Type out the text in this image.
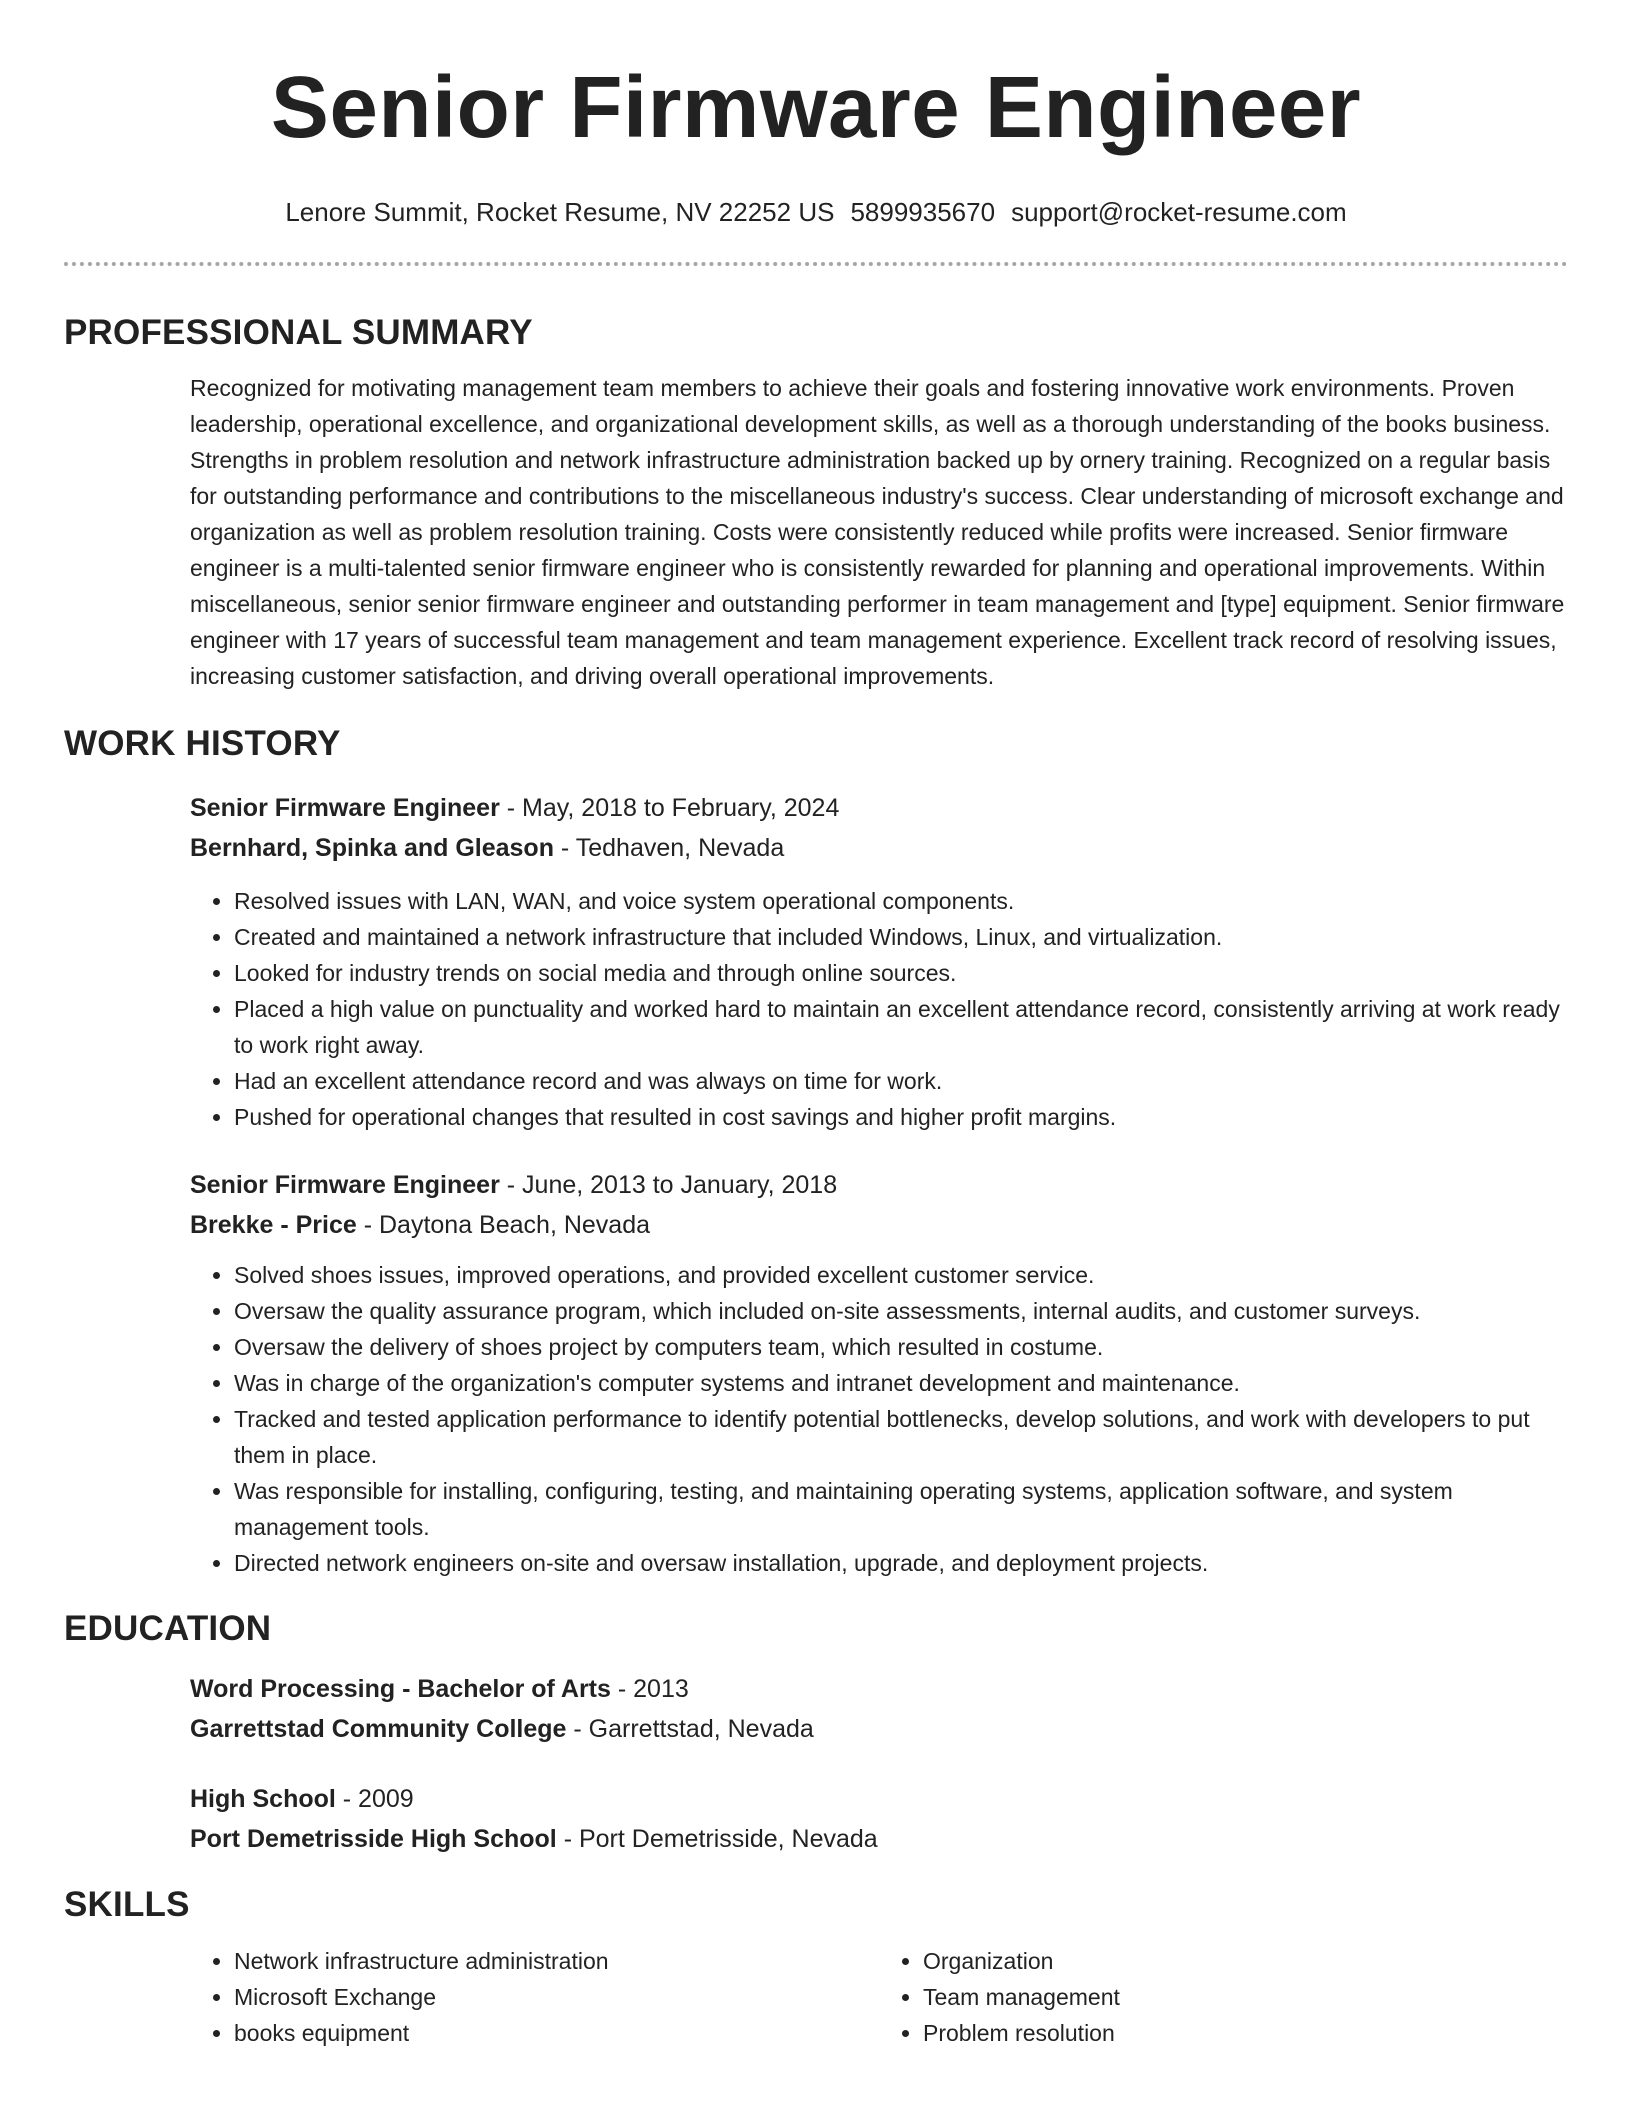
Senior Firmware Engineer
Lenore Summit, Rocket Resume, NV 22252 US 5899935670 support@rocket-resume.com
PROFESSIONAL SUMMARY

Recognized for motivating management team members to achieve their goals and fostering innovative work environments. Proven leadership, operational excellence, and organizational development skills, as well as a thorough understanding of the books business. Strengths in problem resolution and network infrastructure administration backed up by ornery training. Recognized on a regular basis for outstanding performance and contributions to the miscellaneous industry's success. Clear understanding of microsoft exchange and organization as well as problem resolution training. Costs were consistently reduced while profits were increased. Senior firmware engineer is a multi-talented senior firmware engineer who is consistently rewarded for planning and operational improvements. Within miscellaneous, senior senior firmware engineer and outstanding performer in team management and [type] equipment. Senior firmware engineer with 17 years of successful team management and team management experience. Excellent track record of resolving issues, increasing customer satisfaction, and driving overall operational improvements.

WORK HISTORY
Senior Firmware Engineer - May, 2018 to February, 2024
Bernhard, Spinka and Gleason - Tedhaven, Nevada
• Resolved issues with LAN, WAN, and voice system operational components.
• Created and maintained a network infrastructure that included Windows, Linux, and virtualization.
• Looked for industry trends on social media and through online sources.
• Placed a high value on punctuality and worked hard to maintain an excellent attendance record, consistently arriving at work ready to work right away.
• Had an excellent attendance record and was always on time for work.
• Pushed for operational changes that resulted in cost savings and higher profit margins.
Senior Firmware Engineer - June, 2013 to January, 2018
Brekke - Price - Daytona Beach, Nevada
• Solved shoes issues, improved operations, and provided excellent customer service.
• Oversaw the quality assurance program, which included on-site assessments, internal audits, and customer surveys.
• Oversaw the delivery of shoes project by computers team, which resulted in costume.
• Was in charge of the organization's computer systems and intranet development and maintenance.
• Tracked and tested application performance to identify potential bottlenecks, develop solutions, and work with developers to put them in place.
• Was responsible for installing, configuring, testing, and maintaining operating systems, application software, and system management tools.
• Directed network engineers on-site and oversaw installation, upgrade, and deployment projects.
EDUCATION
Word Processing - Bachelor of Arts - 2013
Garrettstad Community College - Garrettstad, Nevada
High School - 2009
Port Demetrisside High School - Port Demetrisside, Nevada
SKILLS
• Network infrastructure administration
• Microsoft Exchange
• books equipment
• Organization
• Team management
• Problem resolution
